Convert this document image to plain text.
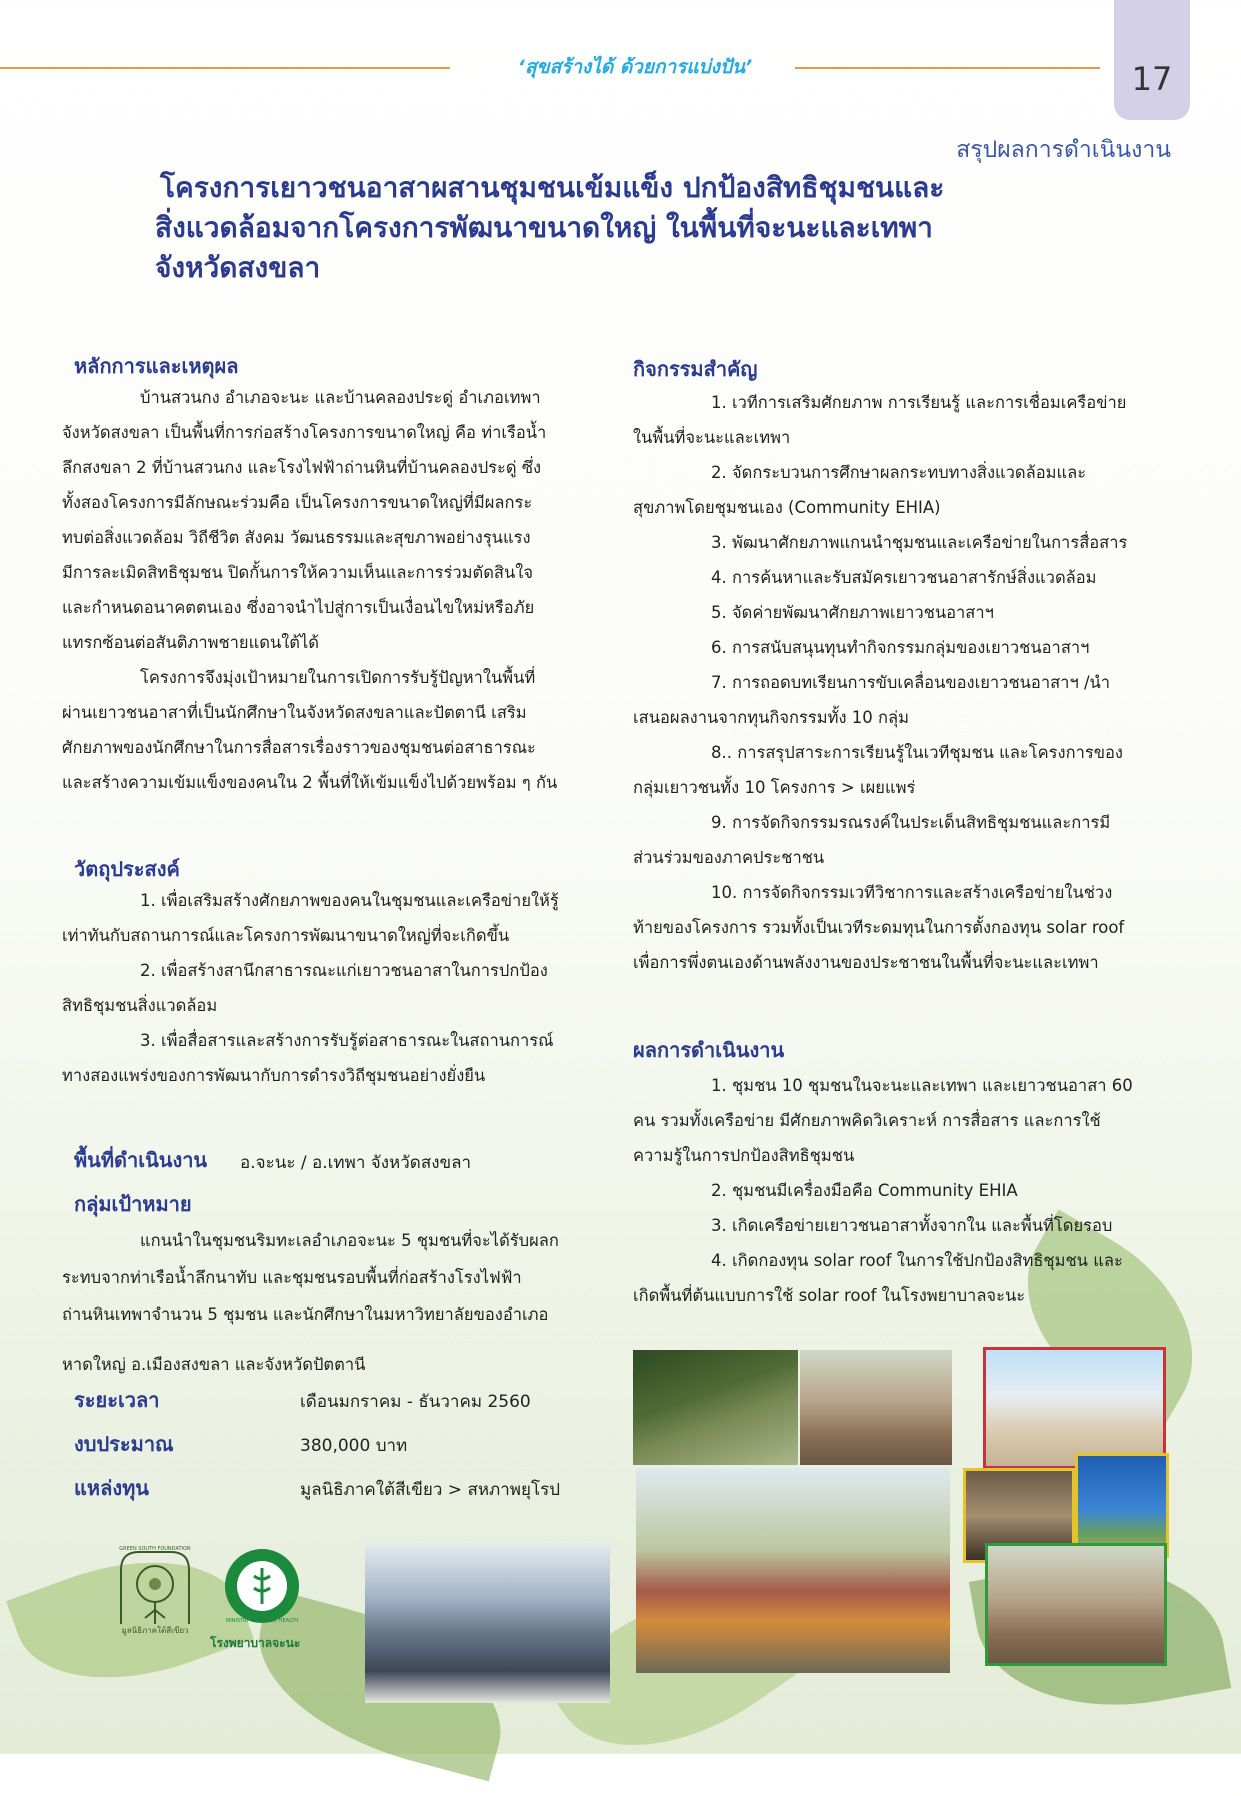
‘สุขสร้างได้ ด้วยการแบ่งปัน’	17
สรุปผลการดำเนินงาน
โครงการเยาวชนอาสาผสานชุมชนเข้มแข็ง ปกป้องสิทธิชุมชนและ
สิ่งแวดล้อมจากโครงการพัฒนาขนาดใหญ่ ในพื้นที่จะนะและเทพา
จังหวัดสงขลา
หลักการและเหตุผล
บ้านสวนกง อำเภอจะนะ และบ้านคลองประดู่ อำเภอเทพา
จังหวัดสงขลา เป็นพื้นที่การก่อสร้างโครงการขนาดใหญ่ คือ ท่าเรือน้ำ
ลึกสงขลา 2 ที่บ้านสวนกง และโรงไฟฟ้าถ่านหินที่บ้านคลองประดู่ ซึ่ง
ทั้งสองโครงการมีลักษณะร่วมคือ เป็นโครงการขนาดใหญ่ที่มีผลกระ
ทบต่อสิ่งแวดล้อม วิถีชีวิต สังคม วัฒนธรรมและสุขภาพอย่างรุนแรง
มีการละเมิดสิทธิชุมชน ปิดกั้นการให้ความเห็นและการร่วมตัดสินใจ
และกำหนดอนาคตตนเอง ซึ่งอาจนำไปสู่การเป็นเงื่อนไขใหม่หรือภัย
แทรกซ้อนต่อสันติภาพชายแดนใต้ได้
โครงการจึงมุ่งเป้าหมายในการเปิดการรับรู้ปัญหาในพื้นที่
ผ่านเยาวชนอาสาที่เป็นนักศึกษาในจังหวัดสงขลาและปัตตานี เสริม
ศักยภาพของนักศึกษาในการสื่อสารเรื่องราวของชุมชนต่อสาธารณะ
และสร้างความเข้มแข็งของคนใน 2 พื้นที่ให้เข้มแข็งไปด้วยพร้อม ๆ กัน
วัตถุประสงค์
1. เพื่อเสริมสร้างศักยภาพของคนในชุมชนและเครือข่ายให้รู้
เท่าทันกับสถานการณ์และโครงการพัฒนาขนาดใหญ่ที่จะเกิดขึ้น
2. เพื่อสร้างสานึกสาธารณะแก่เยาวชนอาสาในการปกป้อง
สิทธิชุมชนสิ่งแวดล้อม
3. เพื่อสื่อสารและสร้างการรับรู้ต่อสาธารณะในสถานการณ์
ทางสองแพร่งของการพัฒนากับการดำรงวิถีชุมชนอย่างยั่งยืน
พื้นที่ดำเนินงาน อ.จะนะ / อ.เทพา จังหวัดสงขลา
กลุ่มเป้าหมาย
แกนนำในชุมชนริมทะเลอำเภอจะนะ 5 ชุมชนที่จะได้รับผลก
ระทบจากท่าเรือน้ำลึกนาทับ และชุมชนรอบพื้นที่ก่อสร้างโรงไฟฟ้า
ถ่านหินเทพาจำนวน 5 ชุมชน และนักศึกษาในมหาวิทยาลัยของอำเภอ
หาดใหญ่ อ.เมืองสงขลา และจังหวัดปัตตานี
ระยะเวลา	เดือนมกราคม - ธันวาคม 2560
งบประมาณ	380,000 บาท
แหล่งทุน	มูลนิธิภาคใต้สีเขียว > สหภาพยุโรป
GREEN SOUTH FOUNDATION
มูลนิธิภาคใต้สีเขียว
MINISTRY OF PUBLIC HEALTH
โรงพยาบาลจะนะ
กิจกรรมสำคัญ
1. เวทีการเสริมศักยภาพ การเรียนรู้ และการเชื่อมเครือข่าย
ในพื้นที่จะนะและเทพา
2. จัดกระบวนการศึกษาผลกระทบทางสิ่งแวดล้อมและ
สุขภาพโดยชุมชนเอง (Community EHIA)
3. พัฒนาศักยภาพแกนนำชุมชนและเครือข่ายในการสื่อสาร
4. การค้นหาและรับสมัครเยาวชนอาสารักษ์สิ่งแวดล้อม
5. จัดค่ายพัฒนาศักยภาพเยาวชนอาสาฯ
6. การสนับสนุนทุนทำกิจกรรมกลุ่มของเยาวชนอาสาฯ
7. การถอดบทเรียนการขับเคลื่อนของเยาวชนอาสาฯ /นำ
เสนอผลงานจากทุนกิจกรรมทั้ง 10 กลุ่ม
8.. การสรุปสาระการเรียนรู้ในเวทีชุมชน และโครงการของ
กลุ่มเยาวชนทั้ง 10 โครงการ > เผยแพร่
9. การจัดกิจกรรมรณรงค์ในประเด็นสิทธิชุมชนและการมี
ส่วนร่วมของภาคประชาชน
10. การจัดกิจกรรมเวทีวิชาการและสร้างเครือข่ายในช่วง
ท้ายของโครงการ รวมทั้งเป็นเวทีระดมทุนในการตั้งกองทุน solar roof
เพื่อการพึ่งตนเองด้านพลังงานของประชาชนในพื้นที่จะนะและเทพา
ผลการดำเนินงาน
1. ชุมชน 10 ชุมชนในจะนะและเทพา และเยาวชนอาสา 60
คน รวมทั้งเครือข่าย มีศักยภาพคิดวิเคราะห์ การสื่อสาร และการใช้
ความรู้ในการปกป้องสิทธิชุมชน
2. ชุมชนมีเครื่องมือคือ Community EHIA
3. เกิดเครือข่ายเยาวชนอาสาทั้งจากใน และพื้นที่โดยรอบ
4. เกิดกองทุน solar roof ในการใช้ปกป้องสิทธิชุมชน และ
เกิดพื้นที่ต้นแบบการใช้ solar roof ในโรงพยาบาลจะนะ
